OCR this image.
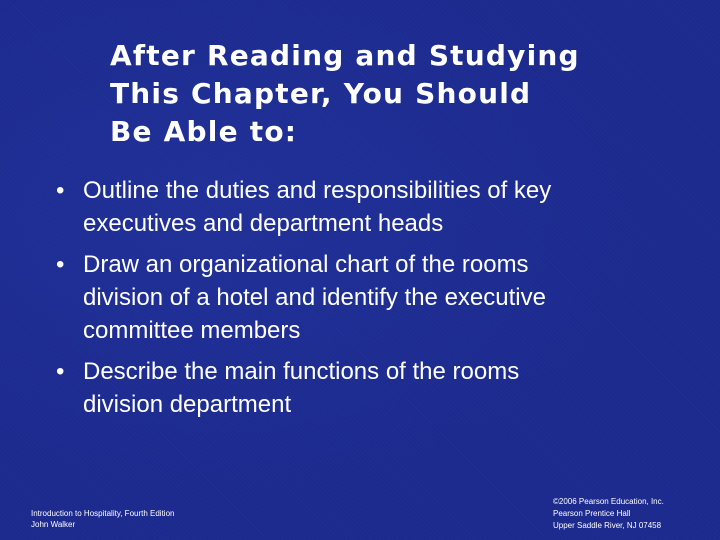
After Reading and Studying
This Chapter, You Should
Be Able to:
• Outline the duties and responsibilities of key
executives and department heads
• Draw an organizational chart of the rooms
division of a hotel and identify the executive
committee members
• Describe the main functions of the rooms
division department
Introduction to Hospitality, Fourth Edition
John Walker
©2006 Pearson Education, Inc.
Pearson Prentice Hall
Upper Saddle River, NJ 07458
